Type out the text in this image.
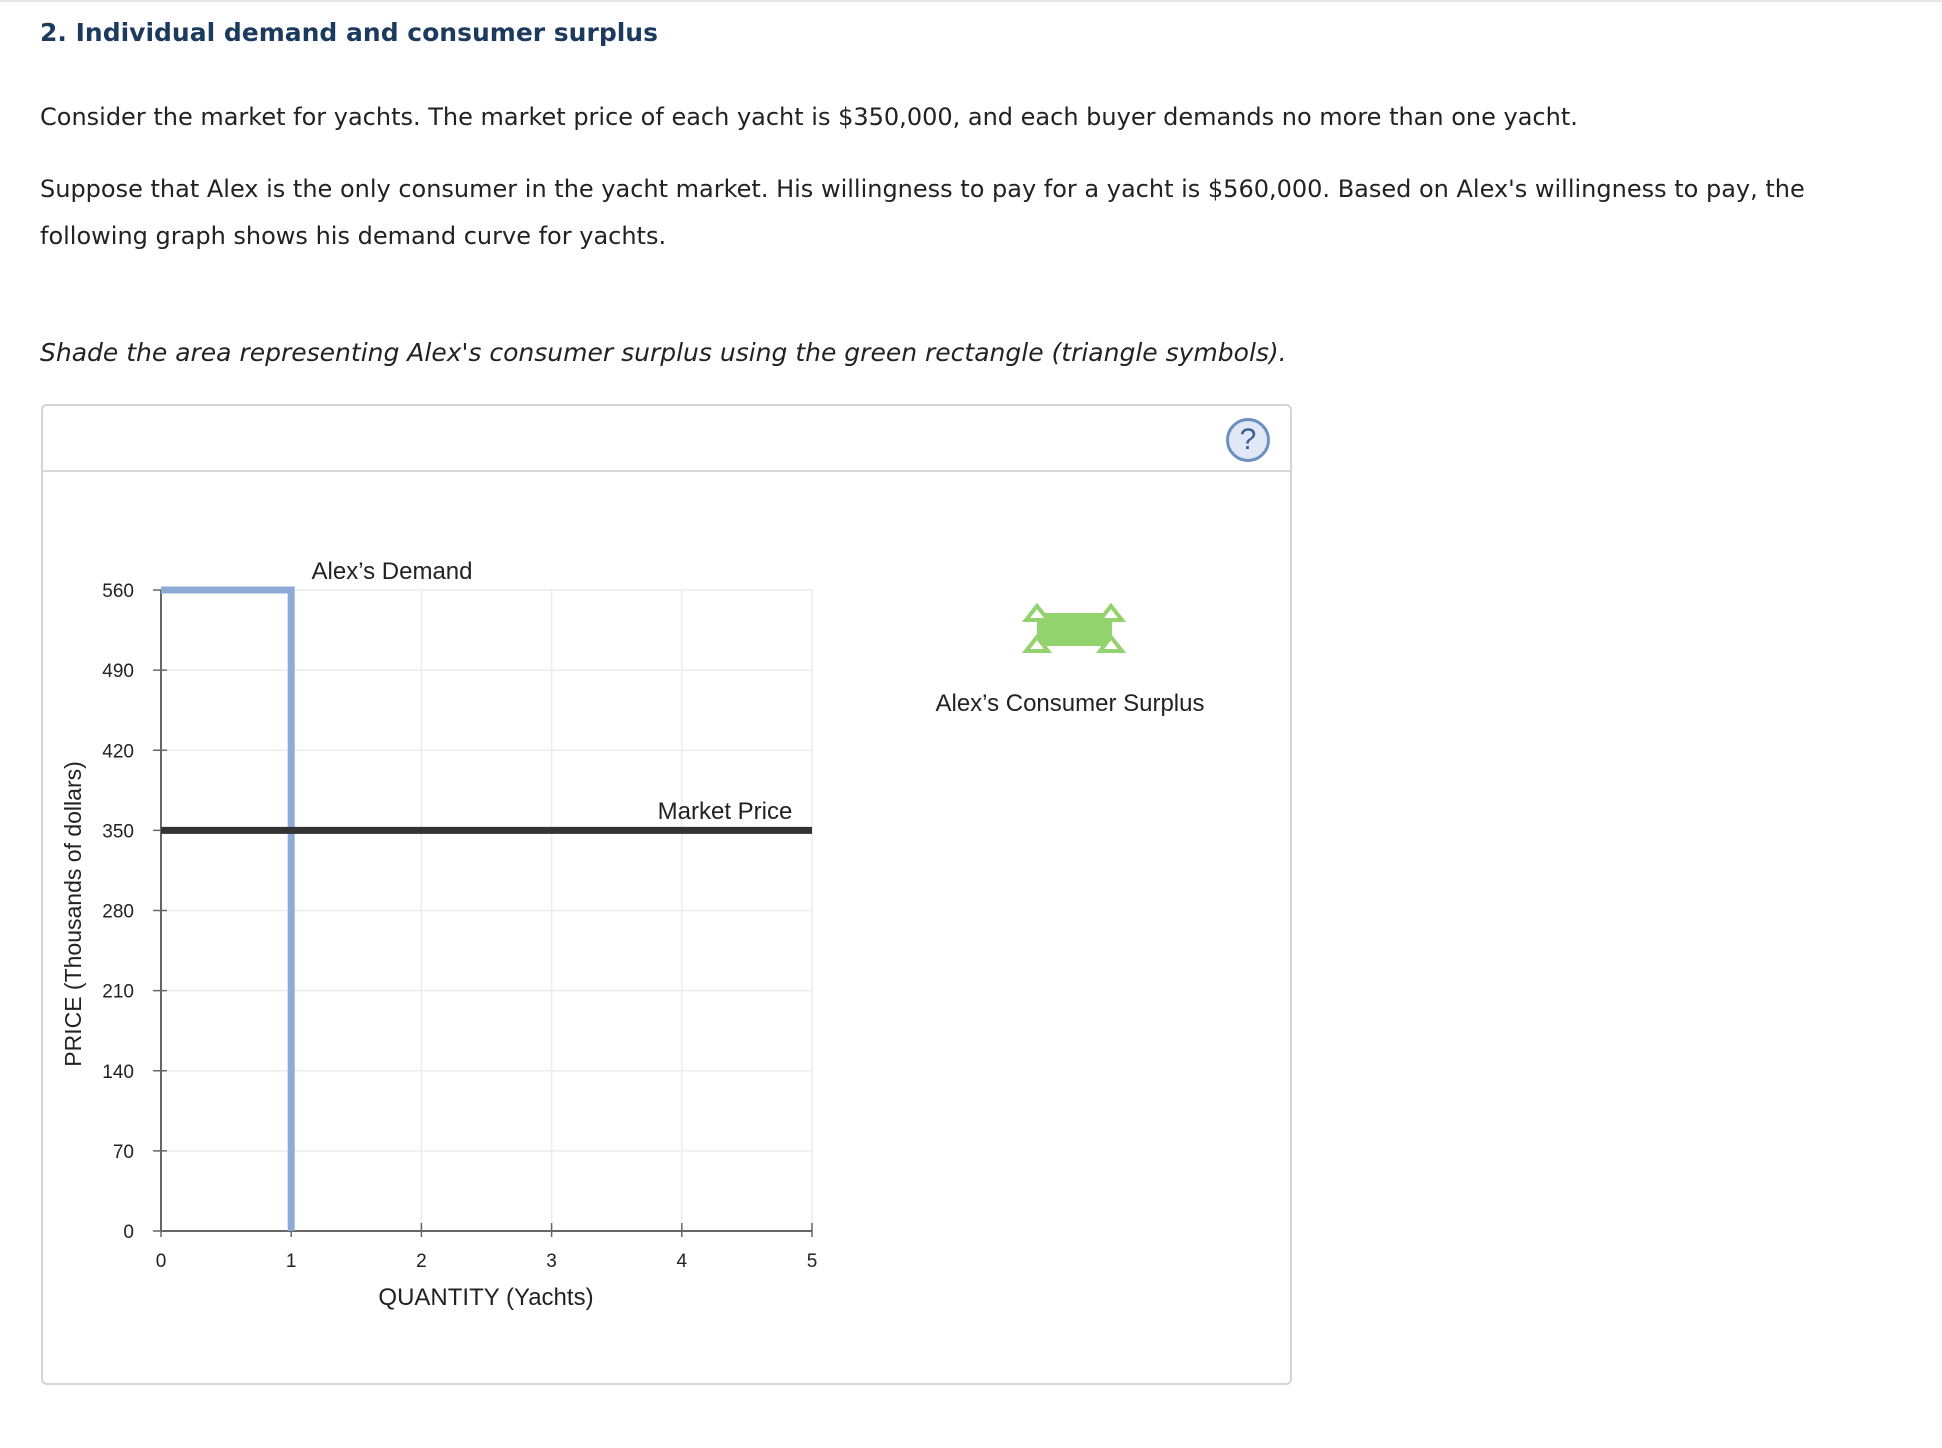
2. Individual demand and consumer surplus
Consider the market for yachts. The market price of each yacht is $350,000, and each buyer demands no more than one yacht.
Suppose that Alex is the only consumer in the yacht market. His willingness to pay for a yacht is $560,000. Based on Alex's willingness to pay, the following graph shows his demand curve for yachts.
Shade the area representing Alex's consumer surplus using the green rectangle (triangle symbols).
?
0
70
140
210
280
350
420
490
560
0	1	2	3	4	5
QUANTITY (Yachts)
PRICE (Thousands of dollars)
Alex’s Demand
Market Price
Alex’s Consumer Surplus
